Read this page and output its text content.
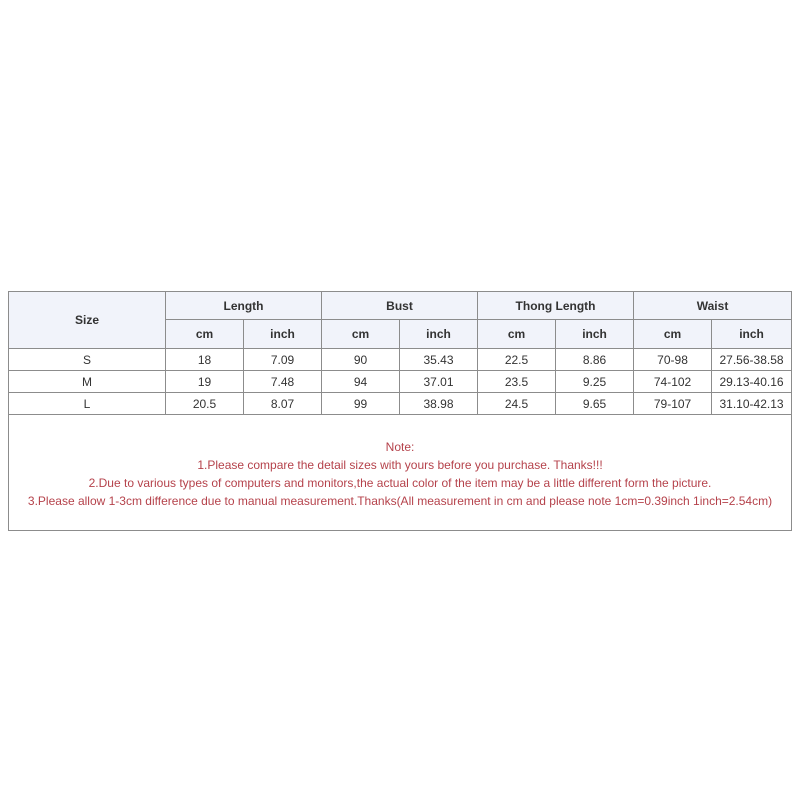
Size	Length		Bust		Thong Length		Waist	
	cm	inch	cm	inch	cm	inch	cm	inch
S	18	7.09	90	35.43	22.5	8.86	70-98	27.56-38.58
M	19	7.48	94	37.01	23.5	9.25	74-102	29.13-40.16
L	20.5	8.07	99	38.98	24.5	9.65	79-107	31.10-42.13

Note:
1.Please compare the detail sizes with yours before you purchase. Thanks!!!
2.Due to various types of computers and monitors,the actual color of the item may be a little different form the picture.
3.Please allow 1-3cm difference due to manual measurement.Thanks(All measurement in cm and please note 1cm=0.39inch 1inch=2.54cm)								
